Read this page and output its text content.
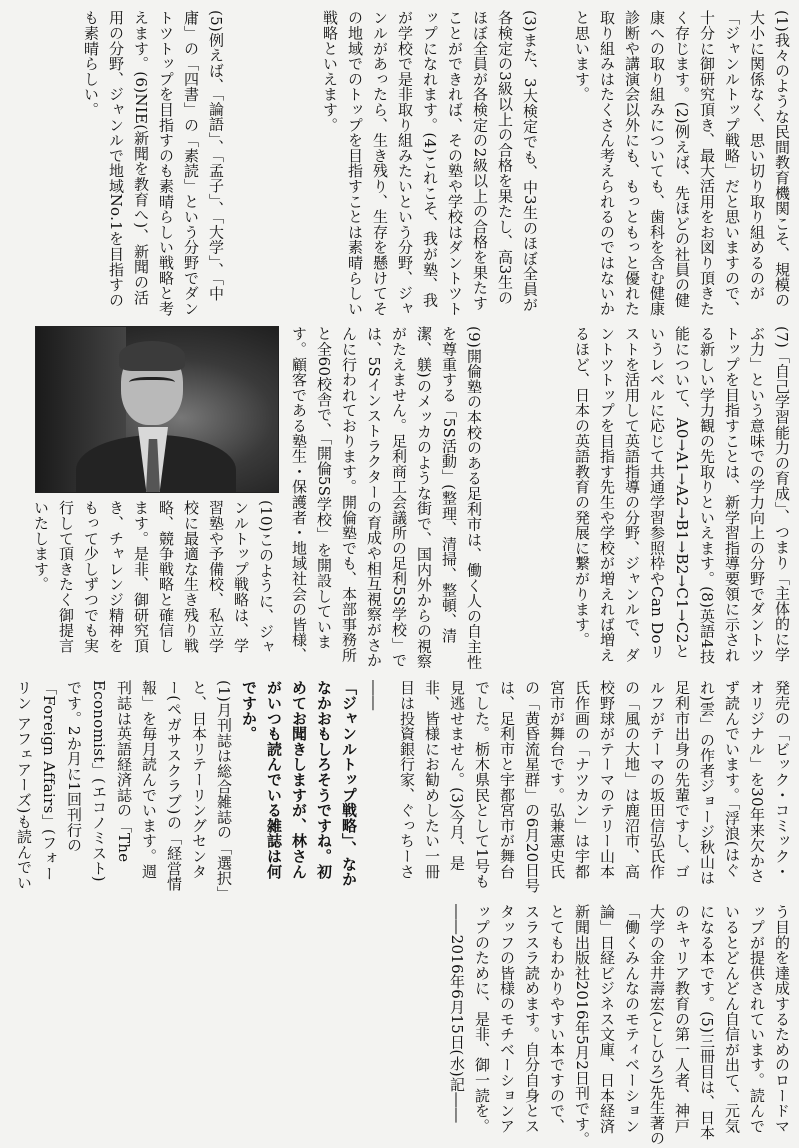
(1)我々のような民間教育機関こそ、規模の大小に関係なく、思い切り取り組めるのが「ジャンルトップ戦略」だと思いますので、十分に御研究頂き、最大活用をお図り頂きたく存じます。(2)例えば、先ほどの社員の健康への取り組みについても、歯科を含む健康診断や講演会以外にも、もっともっと優れた取り組みはたくさん考えられるのではないかと思います。

(3)また、3大検定でも、中3生のほぼ全員が各検定の3級以上の合格を果たし、高3生のほぼ全員が各検定の2級以上の合格を果たすことができれば、その塾や学校はダントツトップになれます。(4)これこそ、我が塾、我が学校で是非取り組みたいという分野、ジャンルがあったら、生き残り、生存を懸けてその地域でのトップを目指すことは素晴らしい戦略といえます。

(5)例えば、「論語」、「孟子」、「大学」、「中庸」の「四書」の「素読」という分野でダントツトップを目指すのも素晴らしい戦略と考えます。(6)NIE(新聞を教育へ)、新聞の活用の分野、ジャンルで地域No.1を目指すのも素晴らしい。

(7)「自己学習能力の育成」、つまり「主体的に学ぶ力」という意味での学力向上の分野でダントツトップを目指すことは、新学習指導要領に示される新しい学力観の先取りといえます。(8)英語4技能について、A0→A1→A2→B1→B2→C1→C2というレベルに応じて共通学習参照枠やCan Doリストを活用して英語指導の分野、ジャンルで、ダントツトップを目指す先生や学校が増えれば増えるほど、日本の英語教育の発展に繋がります。

(9)開倫塾の本校のある足利市は、働く人の自主性を尊重する「5S活動」(整理、清掃、整頓、清潔、躾)のメッカのような街で、国内外からの視察がたえません。足利商工会議所の足利5S学校」では、5Sインストラクターの育成や相互視察がさかんに行われております。開倫塾でも、本部事務所と全60校舎で、「開倫5S学校」を開設しています。顧客である塾生・保護者・地域社会の皆様、

(10)このように、ジャンルトップ戦略は、学習塾や予備校、私立学校に最適な生き残り戦略、競争戦略と確信します。是非、御研究頂き、チャレンジ精神をもって少しずつでも実行して頂きたく御提言いたします。

発売の「ビック・コミック・オリジナル」を30年来欠かさず読んでいます。「浮浪(はぐれ)雲」の作者ジョージ秋山は足利市出身の先輩ですし、ゴルフがテーマの坂田信弘氏作の「風の大地」は鹿沼市、高校野球がテーマのテリー山本氏作画の「ナツカン」は宇都宮市が舞台です。弘兼憲史氏の「黄昏流星群」の6月20日号は、足利市と宇都宮市が舞台でした。栃木県民として1号も見逃せません。(3)今月、是非、皆様にお勧めしたい一冊目は投資銀行家、ぐっちーさ

――

「ジャンルトップ戦略」、なかなかおもしろそうですね。初めてお聞きしますが、林さんがいつも読んでいる雑誌は何ですか。

(1)月刊誌は総合雑誌の「選択」と、日本リテーリングセンター(ペガサスクラブ)の「経営情報」を毎月読んでいます。週刊誌は英語経済誌の「The Economist」(エコノミスト)です。2か月に1回刊行の「Foreign Affairs」(フォーリン アフェアーズ)も読んでい

う目的を達成するためのロードマップが提供されています。読んでいるとどんどん自信が出て、元気になる本です。(5)三冊目は、日本のキャリア教育の第一人者、神戸大学の金井壽宏(としひろ)先生著の「働くみんなのモティベーション論」日経ビジネス文庫、日本経済新聞出版社2016年5月2日刊です。とてもわかりやすい本ですので、スラスラ読めます。自分自身とスタッフの皆様のモチベーションアップのために、是非、御一読を。――2016年6月15日(水)記――
